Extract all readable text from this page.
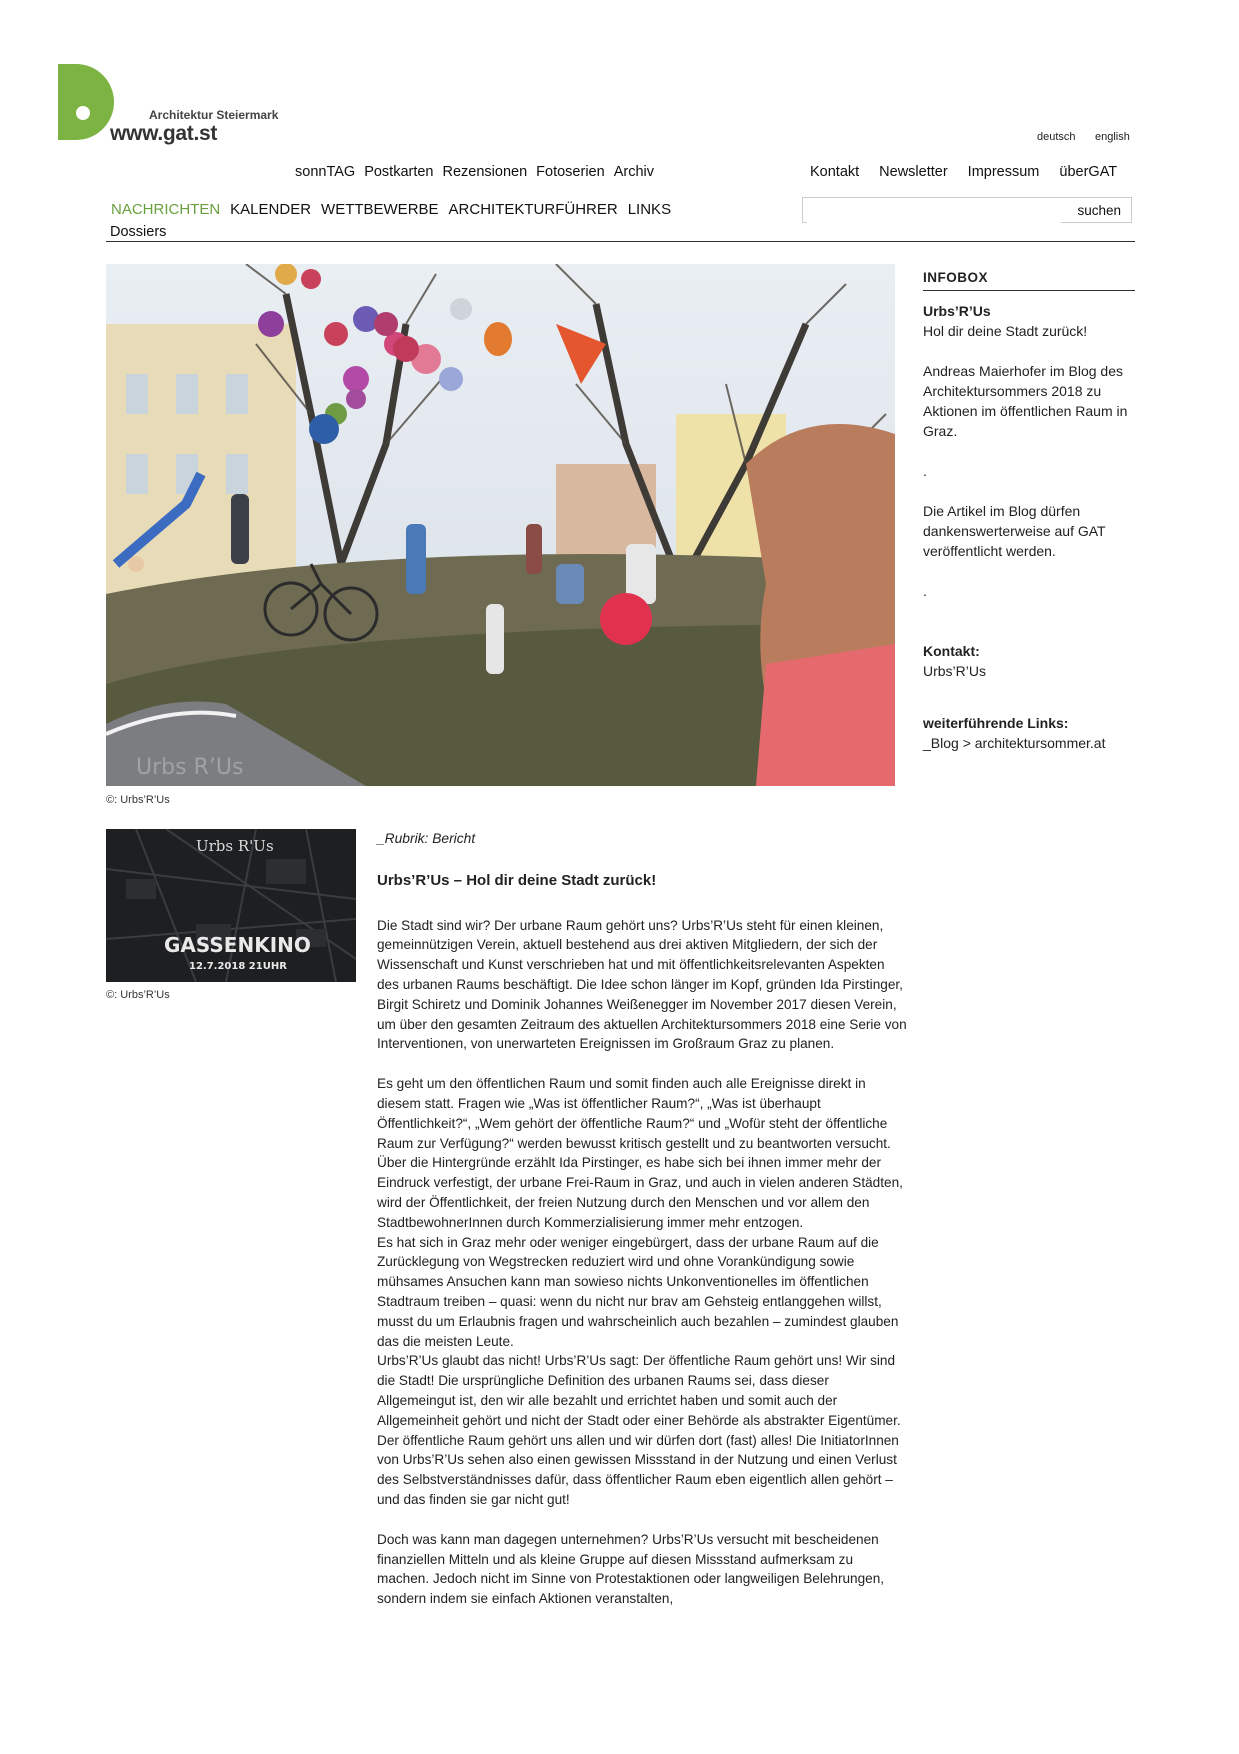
Architektur Steiermark
www.gat.st	deutsch english
sonnTAG Postkarten Rezensionen Fotoserien Archiv	Kontakt Newsletter Impressum überGAT
NACHRICHTEN KALENDER WETTBEWERBE ARCHITEKTURFÜHRER LINKS
Dossiers
suchen
Urbs R’Us
©: Urbs’R’Us
INFOBOX

Urbs’R’Us

Hol dir deine Stadt zurück!

Andreas Maierhofer im Blog des Architektursommers 2018 zu Aktionen im öffentlichen Raum in Graz.

.

Die Artikel im Blog dürfen dankenswerterweise auf GAT veröffentlicht werden.

.

Kontakt:

Urbs’R’Us

weiterführende Links:

_Blog > architektursommer.at

Urbs R'Us
GASSENKINO
12.7.2018 21UHR
©: Urbs’R’Us
_Rubrik: Bericht
Urbs’R’Us – Hol dir deine Stadt zurück!

Die Stadt sind wir? Der urbane Raum gehört uns? Urbs’R’Us steht für einen kleinen, gemeinnützigen Verein, aktuell bestehend aus drei aktiven Mitgliedern, der sich der Wissenschaft und Kunst verschrieben hat und mit öffentlichkeitsrelevanten Aspekten des urbanen Raums beschäftigt. Die Idee schon länger im Kopf, gründen Ida Pirstinger, Birgit Schiretz und Dominik Johannes Weißenegger im November 2017 diesen Verein, um über den gesamten Zeitraum des aktuellen Architektursommers 2018 eine Serie von Interventionen, von unerwarteten Ereignissen im Großraum Graz zu planen.

Es geht um den öffentlichen Raum und somit finden auch alle Ereignisse direkt in diesem statt. Fragen wie „Was ist öffentlicher Raum?“, „Was ist überhaupt Öffentlichkeit?“, „Wem gehört der öffentliche Raum?“ und „Wofür steht der öffentliche Raum zur Verfügung?“ werden bewusst kritisch gestellt und zu beantworten versucht.

Über die Hintergründe erzählt Ida Pirstinger, es habe sich bei ihnen immer mehr der Eindruck verfestigt, der urbane Frei-Raum in Graz, und auch in vielen anderen Städten, wird der Öffentlichkeit, der freien Nutzung durch den Menschen und vor allem den StadtbewohnerInnen durch Kommerzialisierung immer mehr entzogen.

Es hat sich in Graz mehr oder weniger eingebürgert, dass der urbane Raum auf die Zurücklegung von Wegstrecken reduziert wird und ohne Vorankündigung sowie mühsames Ansuchen kann man sowieso nichts Unkonventionelles im öffentlichen Stadtraum treiben – quasi: wenn du nicht nur brav am Gehsteig entlanggehen willst, musst du um Erlaubnis fragen und wahrscheinlich auch bezahlen – zumindest glauben das die meisten Leute.

Urbs’R’Us glaubt das nicht! Urbs’R’Us sagt: Der öffentliche Raum gehört uns! Wir sind die Stadt! Die ursprüngliche Definition des urbanen Raums sei, dass dieser Allgemeingut ist, den wir alle bezahlt und errichtet haben und somit auch der Allgemeinheit gehört und nicht der Stadt oder einer Behörde als abstrakter Eigentümer. Der öffentliche Raum gehört uns allen und wir dürfen dort (fast) alles! Die InitiatorInnen von Urbs’R’Us sehen also einen gewissen Missstand in der Nutzung und einen Verlust des Selbstverständnisses dafür, dass öffentlicher Raum eben eigentlich allen gehört – und das finden sie gar nicht gut!

Doch was kann man dagegen unternehmen? Urbs’R’Us versucht mit bescheidenen finanziellen Mitteln und als kleine Gruppe auf diesen Missstand aufmerksam zu machen. Jedoch nicht im Sinne von Protestaktionen oder langweiligen Belehrungen, sondern indem sie einfach Aktionen veranstalten,
